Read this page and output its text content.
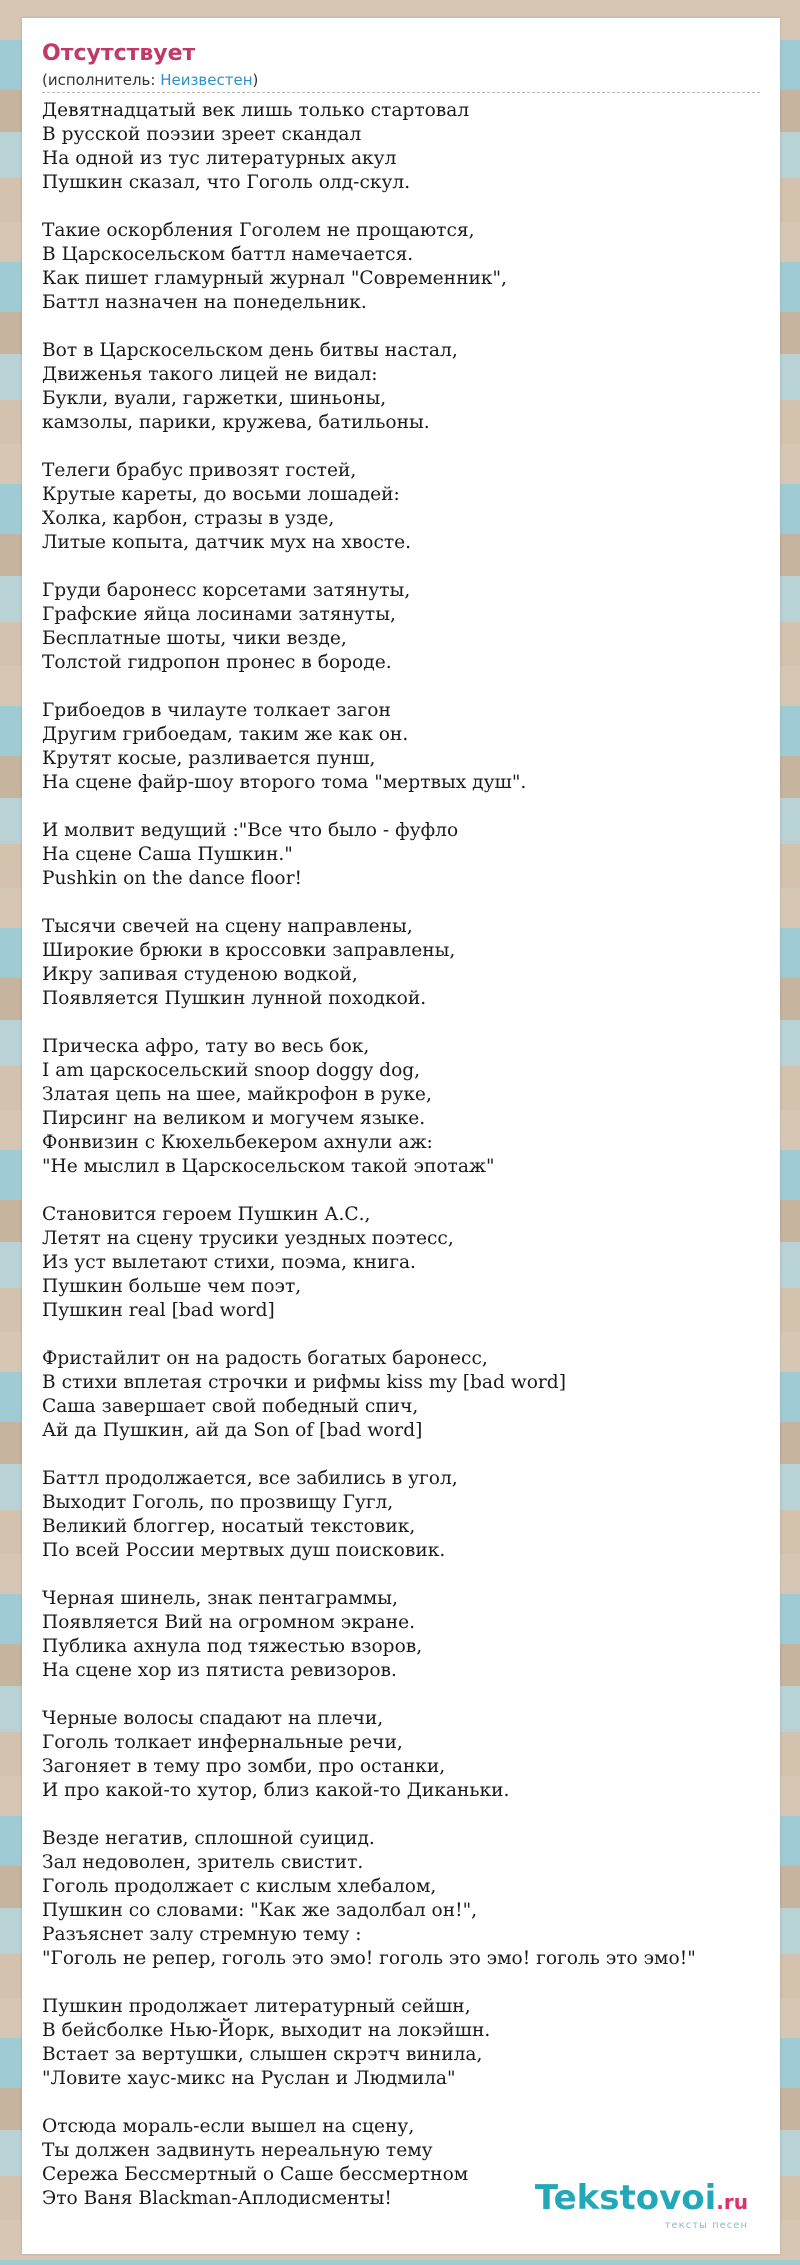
Отсутствует
(исполнитель: Неизвестен)
Девятнадцатый век лишь только стартовал
В русской поэзии зреет скандал
На одной из тус литературных акул
Пушкин сказал, что Гоголь олд-скул.
Такие оскорбления Гоголем не прощаются,
В Царскосельском баттл намечается.
Как пишет гламурный журнал "Современник",
Баттл назначен на понедельник.
Вот в Царскосельском день битвы настал,
Движенья такого лицей не видал:
Букли, вуали, гаржетки, шиньоны,
камзолы, парики, кружева, батильоны.
Телеги брабус привозят гостей,
Крутые кареты, до восьми лошадей:
Холка, карбон, стразы в узде,
Литые копыта, датчик мух на хвосте.
Груди баронесс корсетами затянуты,
Графские яйца лосинами затянуты,
Бесплатные шоты, чики везде,
Толстой гидропон пронес в бороде.
Грибоедов в чилауте толкает загон
Другим грибоедам, таким же как он.
Крутят косые, разливается пунш,
На сцене файр-шоу второго тома "мертвых душ".
И молвит ведущий :"Все что было - фуфло
На сцене Саша Пушкин."
Pushkin on the dance floor!
Тысячи свечей на сцену направлены,
Широкие брюки в кроссовки заправлены,
Икру запивая студеною водкой,
Появляется Пушкин лунной походкой.
Прическа афро, тату во весь бок,
I am царскосельский snoop doggy dog,
Златая цепь на шее, майкрофон в руке,
Пирсинг на великом и могучем языке.
Фонвизин с Кюхельбекером ахнули аж:
"Не мыслил в Царскосельском такой эпотаж"
Становится героем Пушкин А.С.,
Летят на сцену трусики уездных поэтесс,
Из уст вылетают стихи, поэма, книга.
Пушкин больше чем поэт,
Пушкин real [bad word]
Фристайлит он на радость богатых баронесс,
В стихи вплетая строчки и рифмы kiss my [bad word]
Саша завершает свой победный спич,
Ай да Пушкин, ай да Son of [bad word]
Баттл продолжается, все забились в угол,
Выходит Гоголь, по прозвищу Гугл,
Великий блоггер, носатый текстовик,
По всей России мертвых душ поисковик.
Черная шинель, знак пентаграммы,
Появляется Вий на огромном экране.
Публика ахнула под тяжестью взоров,
На сцене хор из пятиста ревизоров.
Черные волосы спадают на плечи,
Гоголь толкает инфернальные речи,
Загоняет в тему про зомби, про останки,
И про какой-то хутор, близ какой-то Диканьки.
Везде негатив, сплошной суицид.
Зал недоволен, зритель свистит.
Гоголь продолжает с кислым хлебалом,
Пушкин со словами: "Как же задолбал он!",
Разъяснет залу стремную тему :
"Гоголь не репер, гоголь это эмо! гоголь это эмо! гоголь это эмо!"
Пушкин продолжает литературный сейшн,
В бейсболке Нью-Йорк, выходит на локэйшн.
Встает за вертушки, слышен скрэтч винила,
"Ловите хаус-микс на Руслан и Людмила"
Отсюда мораль-если вышел на сцену,
Ты должен задвинуть нереальную тему
Сережа Бессмертный о Саше бессмертном
Это Ваня Blackman-Аплодисменты!	Tekstovoi.ru
тексты песен
